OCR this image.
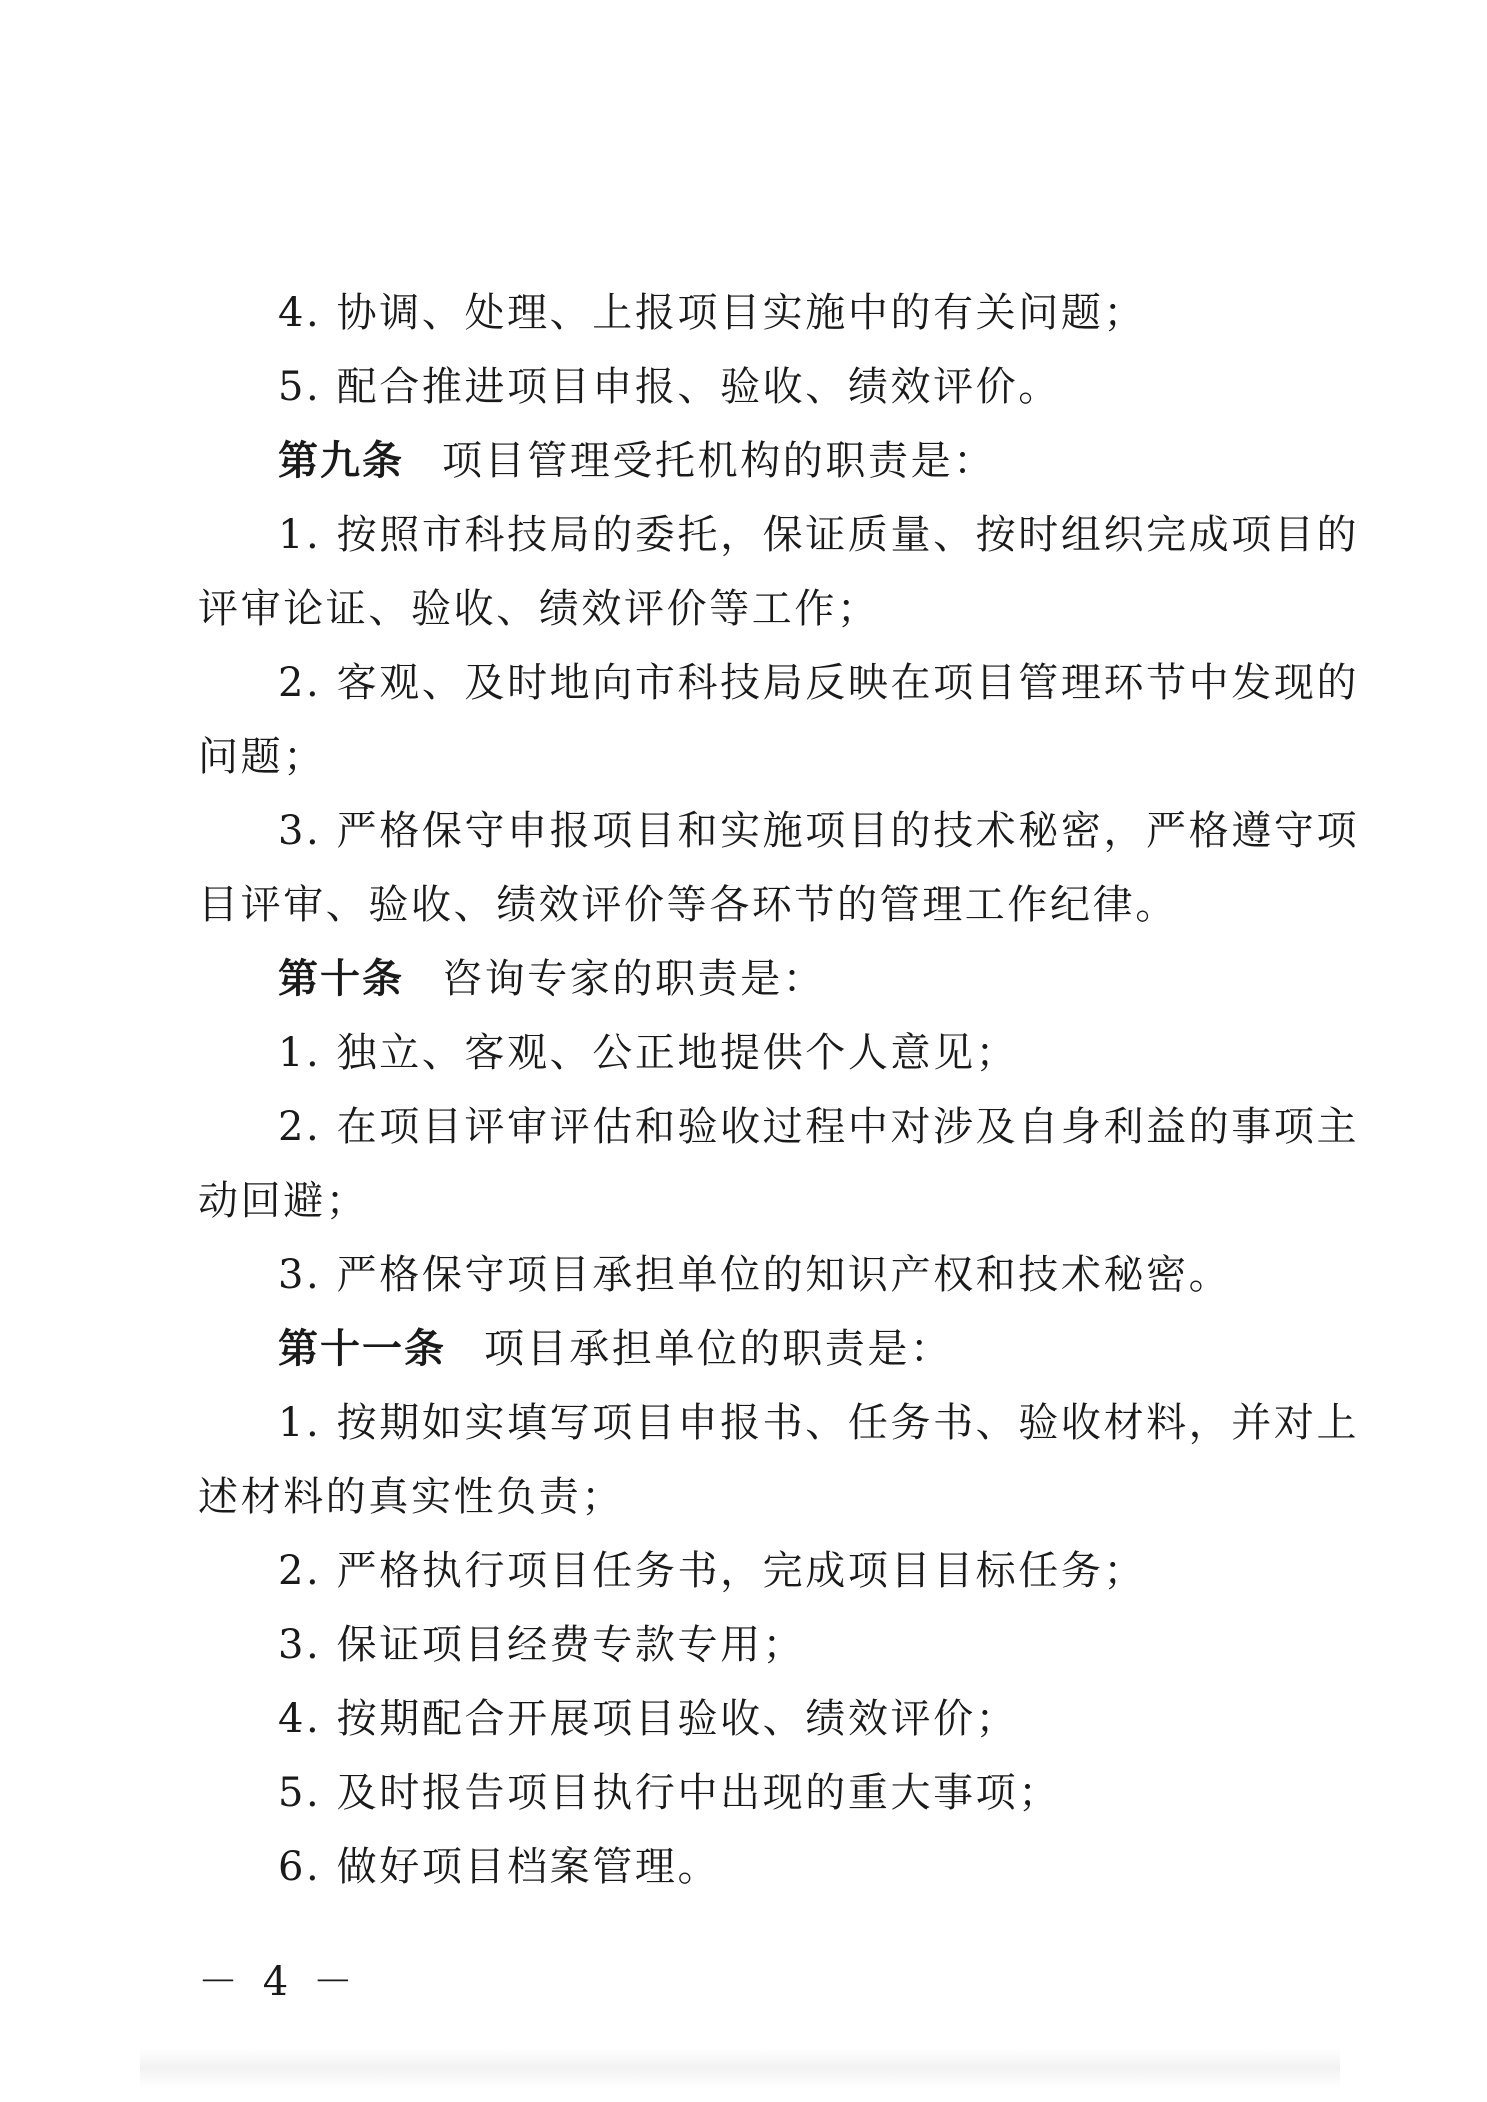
4. 协调、处理、上报项目实施中的有关问题；
5. 配合推进项目申报、验收、绩效评价。
第九条 项目管理受托机构的职责是：
1. 按照市科技局的委托，保证质量、按时组织完成项目的
评审论证、验收、绩效评价等工作；
2. 客观、及时地向市科技局反映在项目管理环节中发现的
问题；
3. 严格保守申报项目和实施项目的技术秘密，严格遵守项
目评审、验收、绩效评价等各环节的管理工作纪律。
第十条 咨询专家的职责是：
1. 独立、客观、公正地提供个人意见；
2. 在项目评审评估和验收过程中对涉及自身利益的事项主
动回避；
3. 严格保守项目承担单位的知识产权和技术秘密。
第十一条 项目承担单位的职责是：
1. 按期如实填写项目申报书、任务书、验收材料，并对上
述材料的真实性负责；
2. 严格执行项目任务书，完成项目目标任务；
3. 保证项目经费专款专用；
4. 按期配合开展项目验收、绩效评价；
5. 及时报告项目执行中出现的重大事项；
6. 做好项目档案管理。
－ 4 －
